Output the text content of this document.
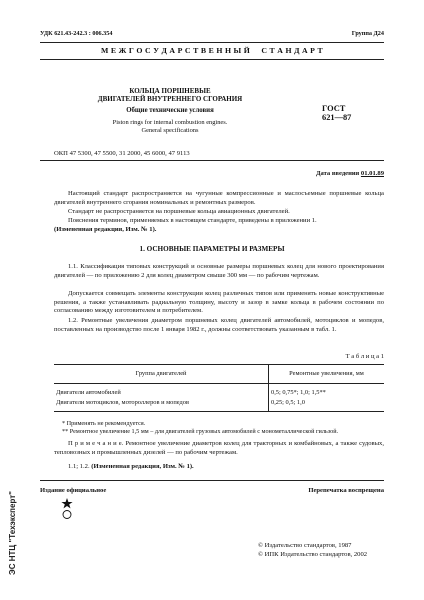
УДК 621.43-242.3 : 006.354	Группа Д24
М Е Ж Г О С У Д А Р С Т В Е Н Н Ы Й     С Т А Н Д А Р Т
КОЛЬЦА ПОРШНЕВЫЕ
ДВИГАТЕЛЕЙ ВНУТРЕННЕГО СГОРАНИЯ
Общие технические условия
Piston rings for internal combustion engines.
General specifications
ГОСТ
621—87
ОКП 47 5300, 47 5500, 31 2000, 45 6000, 47 9113
Дата введения 01.01.89
Настоящий стандарт распространяется на чугунные компрессионные и маслосъемные поршневые кольца двигателей внутреннего сгорания номинальных и ремонтных размеров.
Стандарт не распространяется на поршневые кольца авиационных двигателей.
Пояснения терминов, применяемых в настоящем стандарте, приведены в приложении 1.
(Измененная редакция, Изм. № 1).
1. ОСНОВНЫЕ ПАРАМЕТРЫ И РАЗМЕРЫ
1.1. Классификация типовых конструкций и основные размеры поршневых колец для нового проектирования двигателей — по приложению 2 для колец диаметром свыше 300 мм — по рабочим чертежам.
Допускается совмещать элементы конструкции колец различных типов или применять новые конструктивные решения, а также устанавливать радиальную толщину, высоту и зазор в замке кольца в рабочем состоянии по согласованию между изготовителем и потребителем.
1.2. Ремонтные увеличения диаметром поршневых колец двигателей автомобилей, мотоциклов и мопедов, поставленных на производство после 1 января 1982 г., должны соответствовать указанным в табл. 1.
Т а б л и ц а 1
Группа двигателей	Ремонтные увеличения, мм
Двигатели автомобилей	0,5; 0,75*; 1,0; 1,5**
Двигатели мотоциклов, мотороллеров и мопедов	0,25; 0,5; 1,0
* Применять не рекомендуется.
** Ремонтное увеличение 1,5 мм – для двигателей грузовых автомобилей с монометаллической гильзой.
П р и м е ч а н и е. Ремонтное увеличение диаметров колец для тракторных и комбайновых, а также судовых, тепловозных и промышленных дизелей — по рабочим чертежам.
1.1; 1.2. (Измененная редакция, Изм. № 1).
Издание официальное	Перепечатка воспрещена
© Издательство стандартов, 1987
© ИПК Издательство стандартов, 2002
ЭС НТЦ "Техэксперт"
